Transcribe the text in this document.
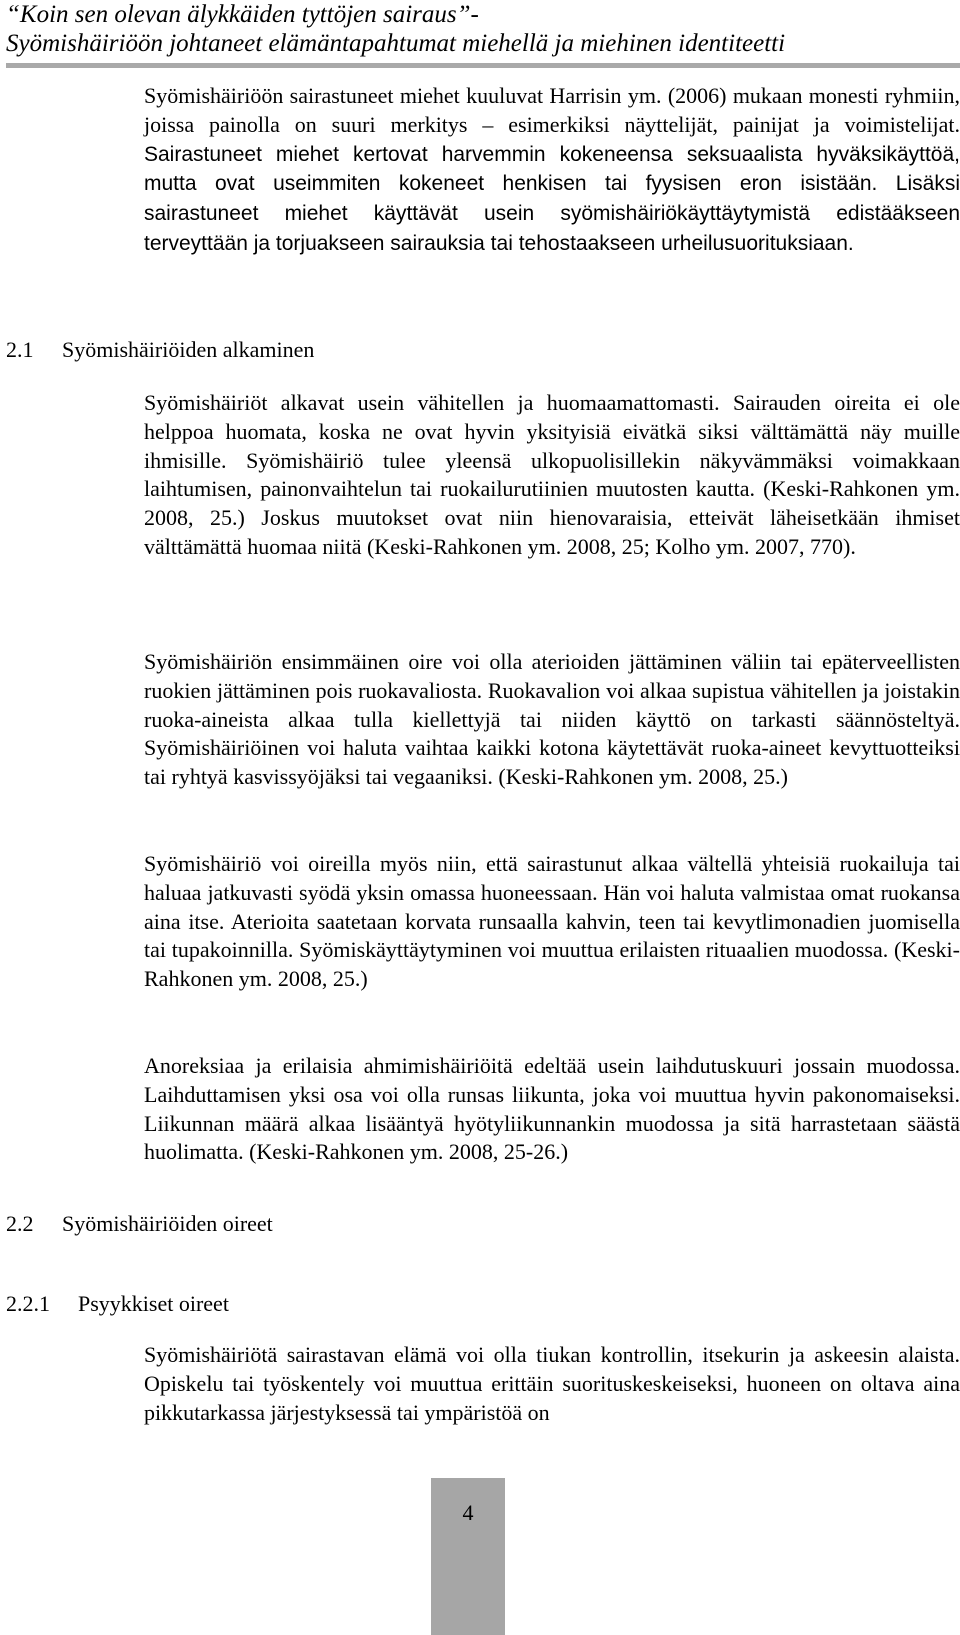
“Koin sen olevan älykkäiden tyttöjen sairaus”-

Syömishäiriöön johtaneet elämäntapahtumat miehellä ja miehinen identiteetti

Syömishäiriöön sairastuneet miehet kuuluvat Harrisin ym. (2006) mukaan monesti ryhmiin, joissa painolla on suuri merkitys – esimerkiksi näyttelijät, painijat ja voimistelijat. Sairastuneet miehet kertovat harvemmin kokeneensa seksuaalista hyväksikäyttöä, mutta ovat useimmiten kokeneet henkisen tai fyysisen eron isistään. Lisäksi sairastuneet miehet käyttävät usein syömishäiriökäyttäytymistä edistääkseen terveyttään ja torjuakseen sairauksia tai tehostaakseen urheilusuorituksiaan.

2.1 Syömishäiriöiden alkaminen

Syömishäiriöt alkavat usein vähitellen ja huomaamattomasti. Sairauden oireita ei ole helppoa huomata, koska ne ovat hyvin yksityisiä eivätkä siksi välttämättä näy muille ihmisille. Syömishäiriö tulee yleensä ulkopuolisillekin näkyvämmäksi voimakkaan laihtumisen, painonvaihtelun tai ruokailurutiinien muutosten kautta. (Keski-Rahkonen ym. 2008, 25.) Joskus muutokset ovat niin hienovaraisia, etteivät läheisetkään ihmiset välttämättä huomaa niitä (Keski-Rahkonen ym. 2008, 25; Kolho ym. 2007, 770).

Syömishäiriön ensimmäinen oire voi olla aterioiden jättäminen väliin tai epäterveellisten ruokien jättäminen pois ruokavaliosta. Ruokavalion voi alkaa supistua vähitellen ja joistakin ruoka-aineista alkaa tulla kiellettyjä tai niiden käyttö on tarkasti säännösteltyä. Syömishäiriöinen voi haluta vaihtaa kaikki kotona käytettävät ruoka-aineet kevyttuotteiksi tai ryhtyä kasvissyöjäksi tai vegaaniksi. (Keski-Rahkonen ym. 2008, 25.)

Syömishäiriö voi oireilla myös niin, että sairastunut alkaa vältellä yhteisiä ruokailuja tai haluaa jatkuvasti syödä yksin omassa huoneessaan. Hän voi haluta valmistaa omat ruokansa aina itse. Aterioita saatetaan korvata runsaalla kahvin, teen tai kevytlimonadien juomisella tai tupakoinnilla. Syömiskäyttäytyminen voi muuttua erilaisten rituaalien muodossa. (Keski-Rahkonen ym. 2008, 25.)

Anoreksiaa ja erilaisia ahmimishäiriöitä edeltää usein laihdutuskuuri jossain muodossa. Laihduttamisen yksi osa voi olla runsas liikunta, joka voi muuttua hyvin pakonomaiseksi. Liikunnan määrä alkaa lisääntyä hyötyliikunnankin muodossa ja sitä harrastetaan säästä huolimatta. (Keski-Rahkonen ym. 2008, 25-26.)

2.2 Syömishäiriöiden oireet
2.2.1 Psyykkiset oireet

Syömishäiriötä sairastavan elämä voi olla tiukan kontrollin, itsekurin ja askeesin alaista. Opiskelu tai työskentely voi muuttua erittäin suorituskeskeiseksi, huoneen on oltava aina pikkutarkassa järjestyksessä tai ympäristöä on

4
